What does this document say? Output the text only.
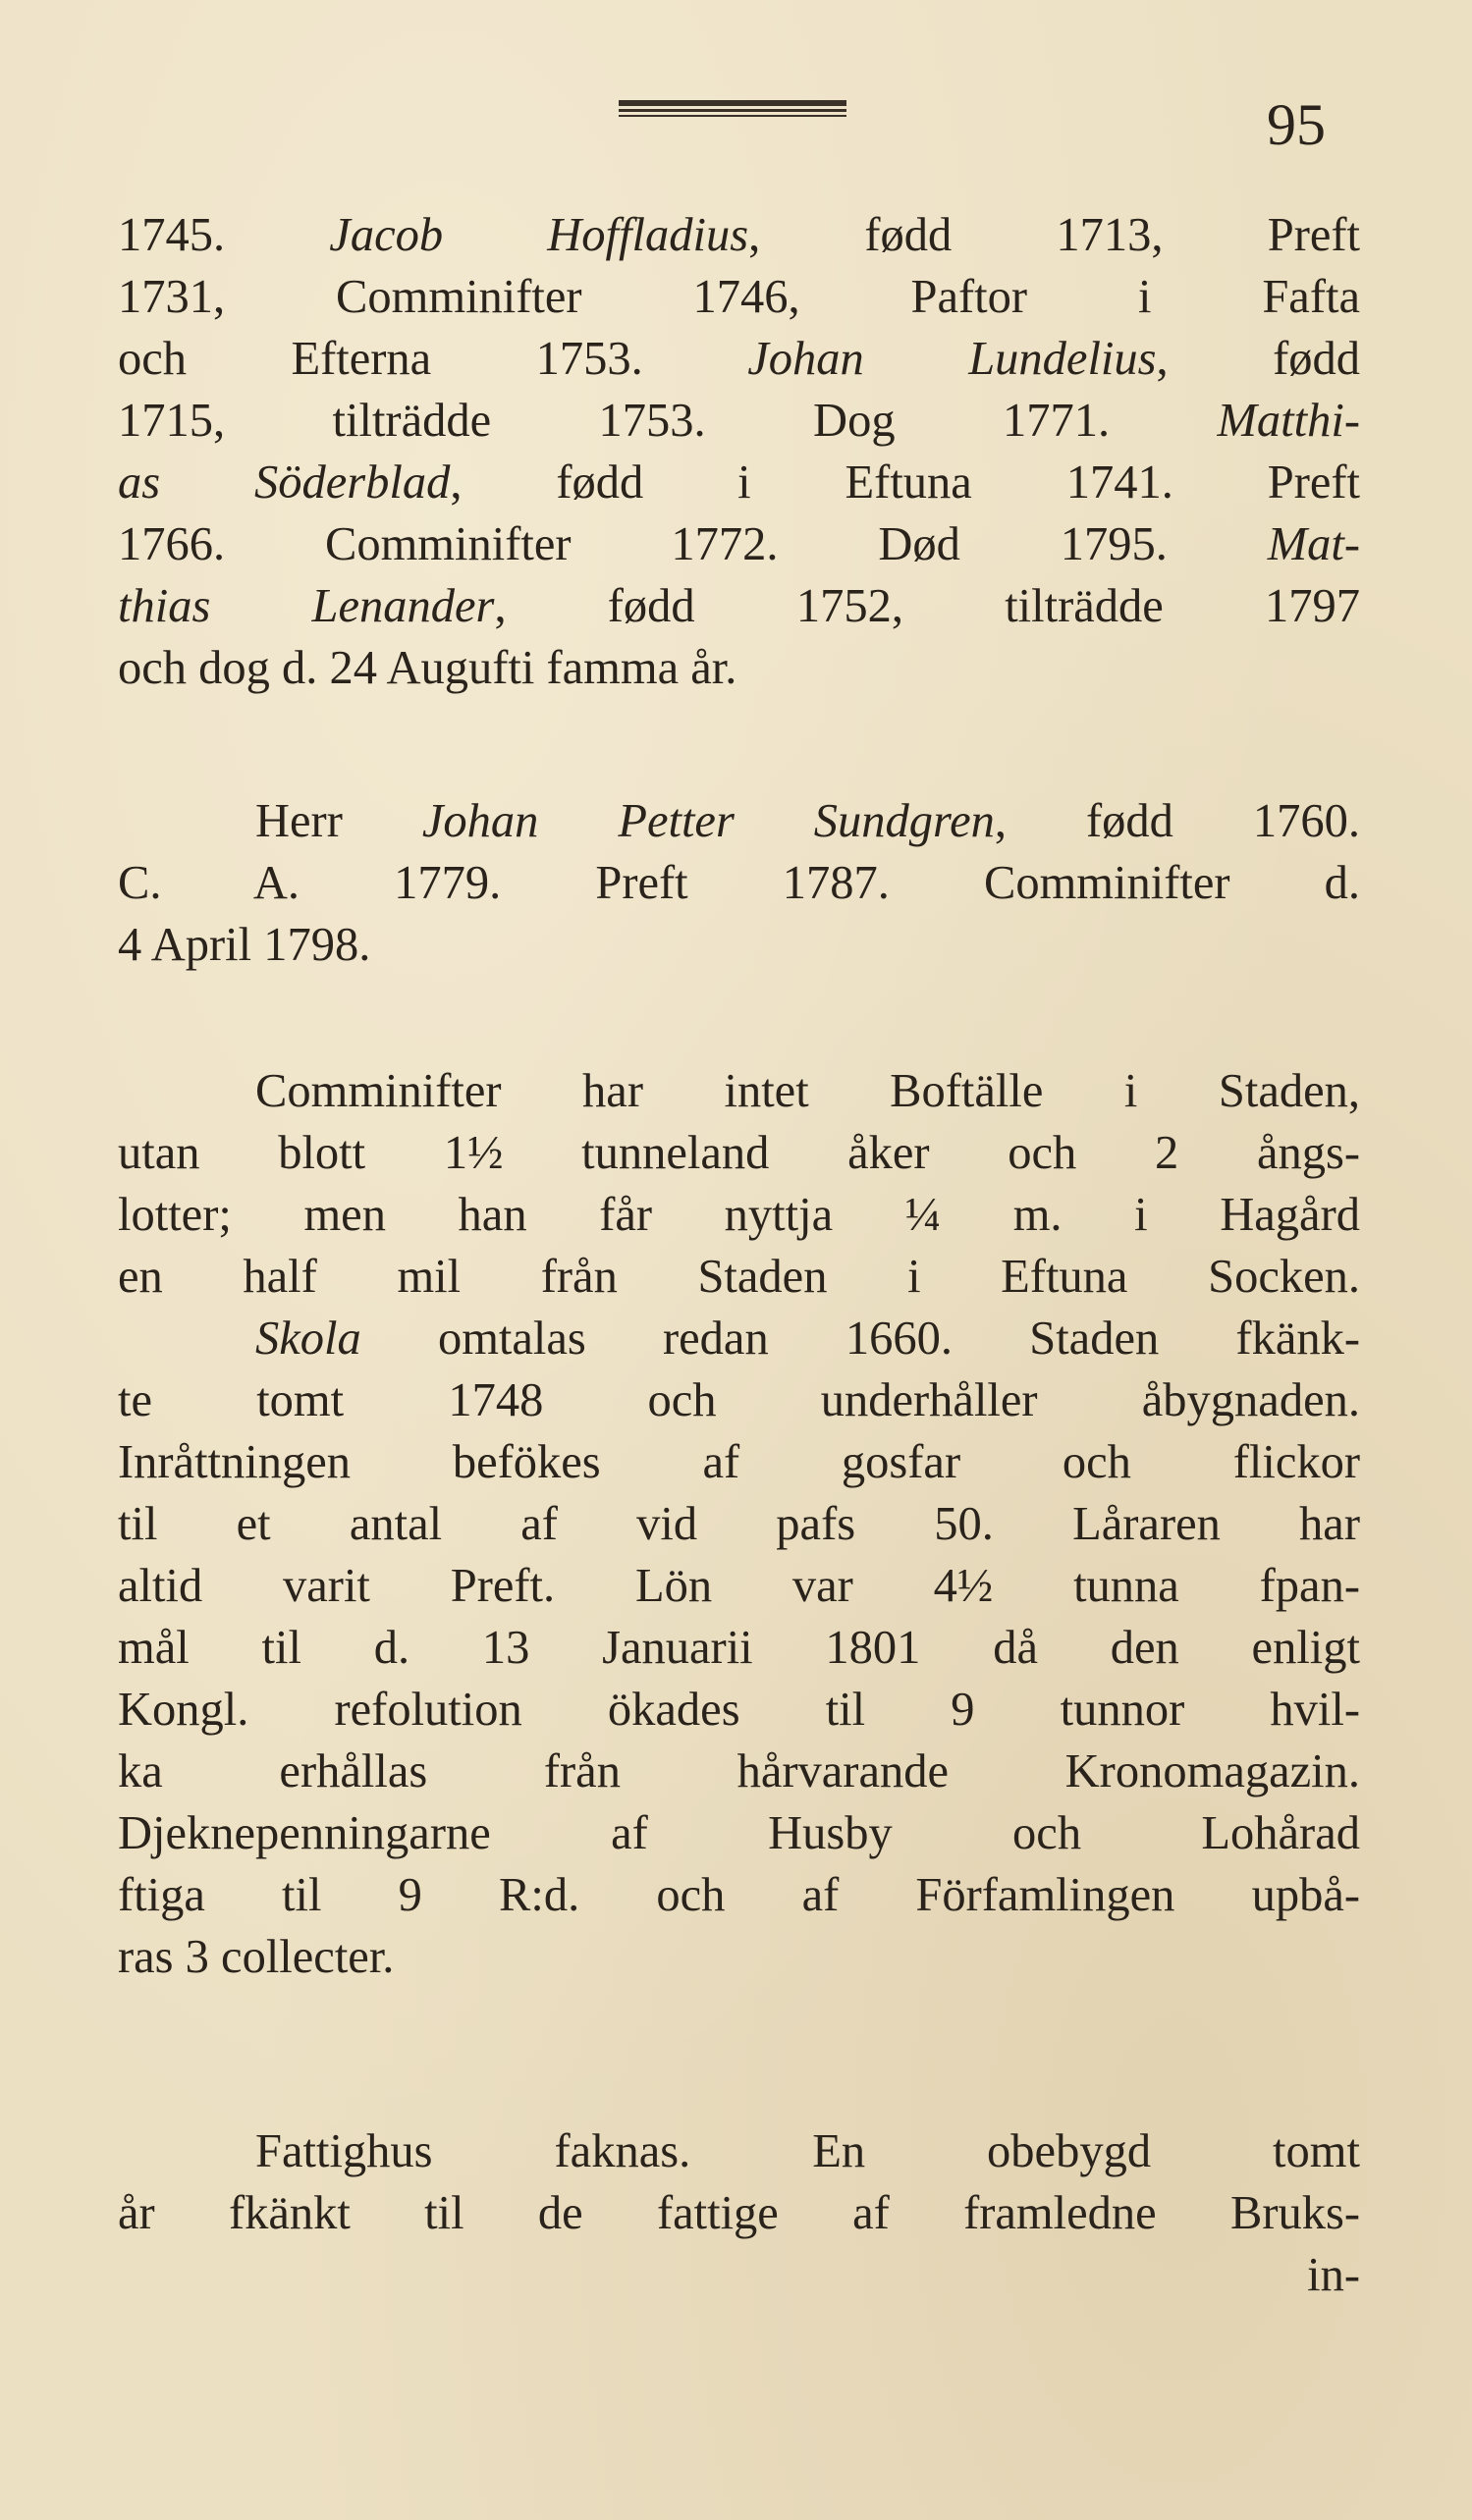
95
1745. Jacob Hoffladius, fødd 1713, Preft
1731, Comminifter 1746, Paftor i Fafta
och Efterna 1753. Johan Lundelius, fødd
1715, tilträdde 1753. Dog 1771. Matthi-
as Söderblad, fødd i Eftuna 1741. Preft
1766. Comminifter 1772. Død 1795. Mat-
thias Lenander, fødd 1752, tilträdde 1797
och dog d. 24 Augufti famma år.
Herr Johan Petter Sundgren, fødd 1760.
C. A. 1779. Preft 1787. Comminifter d.
4 April 1798.
Comminifter har intet Boftälle i Staden,
utan blott 1½ tunneland åker och 2 ångs-
lotter; men han får nyttja ¼ m. i Hagård
en half mil från Staden i Eftuna Socken.
Skola omtalas redan 1660. Staden fkänk-
te tomt 1748 och underhåller åbygnaden.
Inråttningen befökes af gosfar och flickor
til et antal af vid pafs 50. Låraren har
altid varit Preft. Lön var 4½ tunna fpan-
mål til d. 13 Januarii 1801 då den enligt
Kongl. refolution ökades til 9 tunnor hvil-
ka erhållas från hårvarande Kronomagazin.
Djeknepenningarne af Husby och Lohårad
ftiga til 9 R:d. och af Förfamlingen upbå-
ras 3 collecter.
Fattighus faknas. En obebygd tomt
år fkänkt til de fattige af framledne Bruks-
in-
